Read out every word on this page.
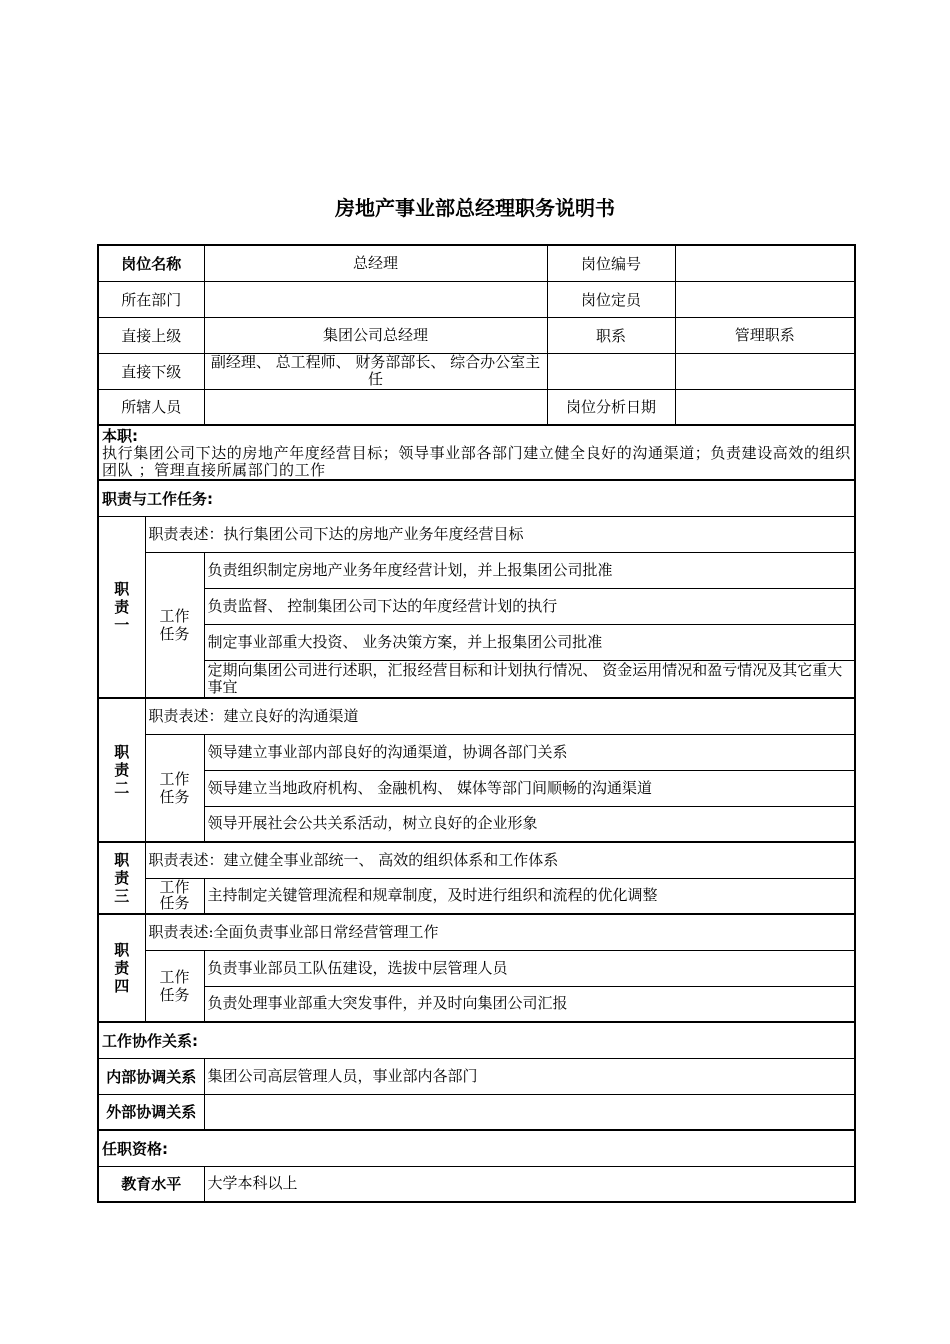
房地产事业部总经理职务说明书
岗位名称		总经理	岗位编号	
所在部门			岗位定员	
直接上级		集团公司总经理	职系	管理职系
直接下级		副经理、 总工程师、 财务部部长、 综合办公室主任		
所辖人员			岗位分析日期	

本职:
执行集团公司下达的房地产年度经营目标；领导事业部各部门建立健全良好的沟通渠道；负责建设高效的组织团队 ；管理直接所属部门的工作				

职责与工作任务:				
职责一	职责表述：执行集团公司下达的房地产业务年度经营目标			
	工作任务	负责组织制定房地产业务年度经营计划，并上报集团公司批准		
		负责监督、 控制集团公司下达的年度经营计划的执行		
		制定事业部重大投资、 业务决策方案，并上报集团公司批准		
		定期向集团公司进行述职，汇报经营目标和计划执行情况、 资金运用情况和盈亏情况及其它重大事宜		
职责二	职责表述：建立良好的沟通渠道			
	工作任务	领导建立事业部内部良好的沟通渠道，协调各部门关系		
		领导建立当地政府机构、 金融机构、 媒体等部门间顺畅的沟通渠道		
		领导开展社会公共关系活动，树立良好的企业形象		
职责三	职责表述：建立健全事业部统一、 高效的组织体系和工作体系			
	工作任务	主持制定关键管理流程和规章制度，及时进行组织和流程的优化调整		
职责四	职责表述:全面负责事业部日常经营管理工作			
	工作任务	负责事业部员工队伍建设，选拔中层管理人员		
		负责处理事业部重大突发事件，并及时向集团公司汇报		
工作协作关系:				
内部协调关系		集团公司高层管理人员，事业部内各部门		
外部协调关系				
任职资格:				
教育水平		大学本科以上		
